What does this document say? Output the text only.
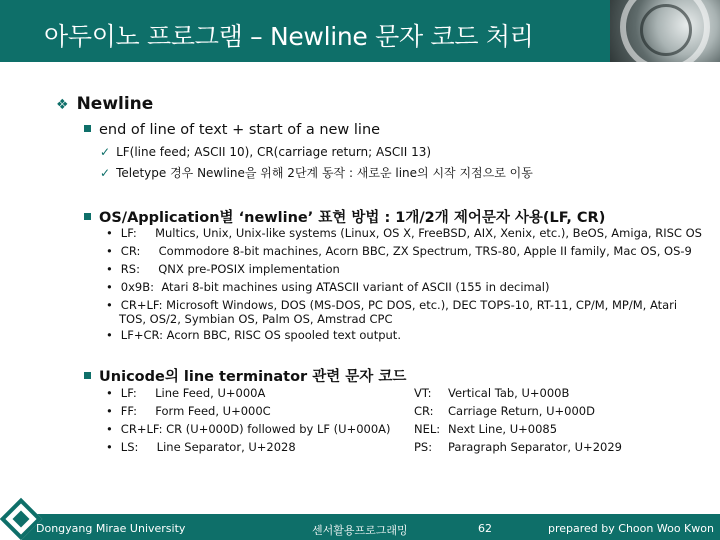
아두이노 프로그램 – Newline 문자 코드 처리
❖ Newline
end of line of text + start of a new line
✓ LF(line feed; ASCII 10), CR(carriage return; ASCII 13)
✓ Teletype 경우 Newline을 위해 2단계 동작 : 새로운 line의 시작 지점으로 이동
OS/Application별 ‘newline’ 표현 방법 : 1개/2개 제어문자 사용(LF, CR)
• LF: Multics, Unix, Unix-like systems (Linux, OS X, FreeBSD, AIX, Xenix, etc.), BeOS, Amiga, RISC OS
• CR: Commodore 8-bit machines, Acorn BBC, ZX Spectrum, TRS-80, Apple II family, Mac OS, OS-9
• RS: QNX pre-POSIX implementation
• 0x9B: Atari 8-bit machines using ATASCII variant of ASCII (155 in decimal)
• CR+LF: Microsoft Windows, DOS (MS-DOS, PC DOS, etc.), DEC TOPS-10, RT-11, CP/M, MP/M, Atari
TOS, OS/2, Symbian OS, Palm OS, Amstrad CPC
• LF+CR: Acorn BBC, RISC OS spooled text output.
Unicode의 line terminator 관련 문자 코드
• LF: Line Feed, U+000A
• FF: Form Feed, U+000C
• CR+LF: CR (U+000D) followed by LF (U+000A)
• LS: Line Separator, U+2028
VT: Vertical Tab, U+000B
CR: Carriage Return, U+000D
NEL: Next Line, U+0085
PS: Paragraph Separator, U+2029
Dongyang Mirae University	센서활용프로그래밍	62	prepared by Choon Woo Kwon
